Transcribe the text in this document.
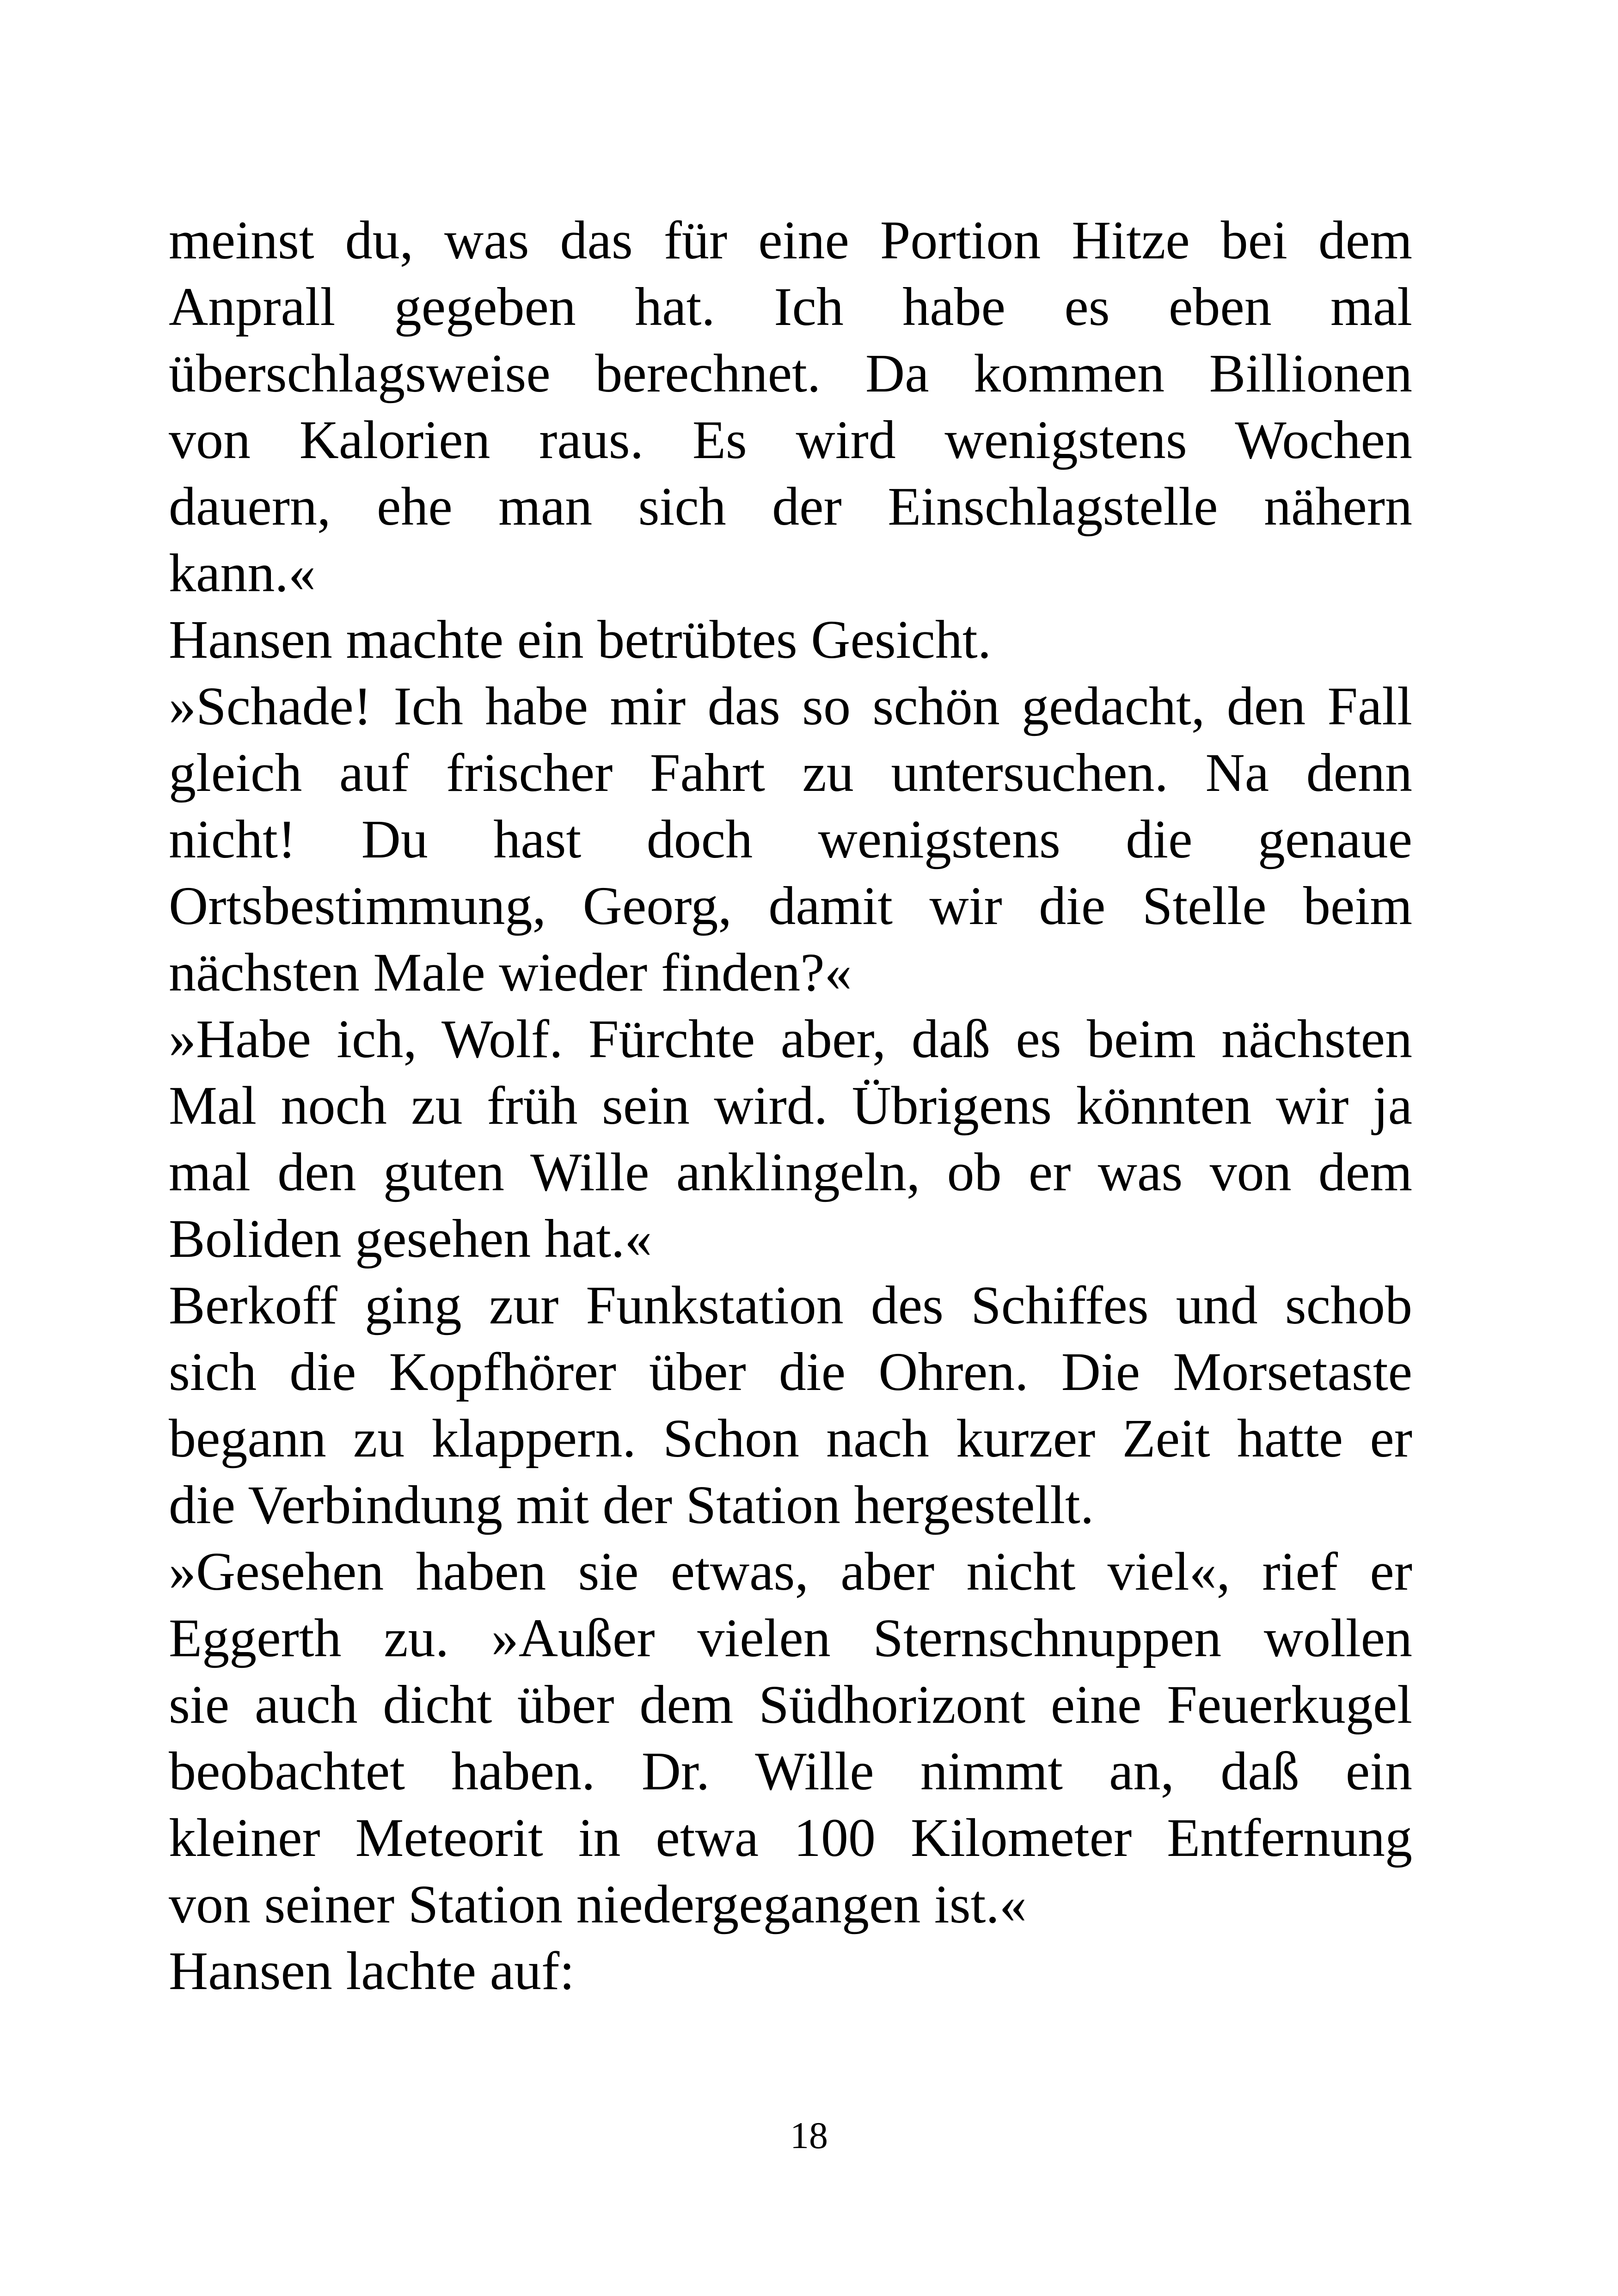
meinst du, was das für eine Portion Hitze bei dem
Anprall gegeben hat. Ich habe es eben mal
überschlagsweise berechnet. Da kommen Billionen
von Kalorien raus. Es wird wenigstens Wochen
dauern, ehe man sich der Einschlagstelle nähern
kann.«

Hansen machte ein betrübtes Gesicht.

»Schade! Ich habe mir das so schön gedacht, den Fall
gleich auf frischer Fahrt zu untersuchen. Na denn
nicht! Du hast doch wenigstens die genaue
Ortsbestimmung, Georg, damit wir die Stelle beim
nächsten Male wieder finden?«

»Habe ich, Wolf. Fürchte aber, daß es beim nächsten
Mal noch zu früh sein wird. Übrigens könnten wir ja
mal den guten Wille anklingeln, ob er was von dem
Boliden gesehen hat.«

Berkoff ging zur Funkstation des Schiffes und schob
sich die Kopfhörer über die Ohren. Die Morsetaste
begann zu klappern. Schon nach kurzer Zeit hatte er
die Verbindung mit der Station hergestellt.

»Gesehen haben sie etwas, aber nicht viel«, rief er
Eggerth zu. »Außer vielen Sternschnuppen wollen
sie auch dicht über dem Südhorizont eine Feuerkugel
beobachtet haben. Dr. Wille nimmt an, daß ein
kleiner Meteorit in etwa 100 Kilometer Entfernung
von seiner Station niedergegangen ist.«

Hansen lachte auf:

18
